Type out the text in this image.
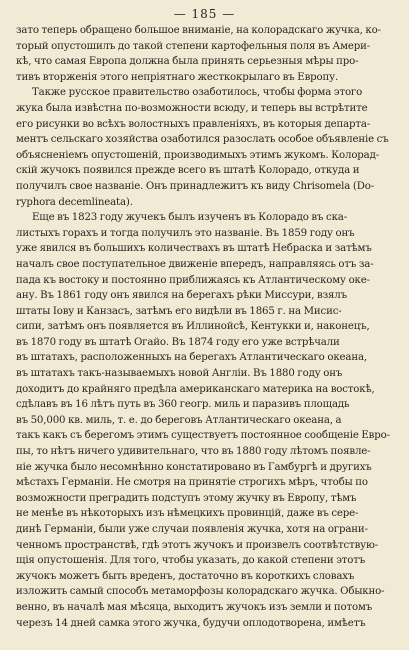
— 185 —
зато теперь обращено большое вниманіе, на колорадскаго жучка, ко-
торый опустошилъ до такой степени картофельныя поля въ Амери-
кѣ, что самая Европа должна была принять серьезныя мѣры про-
тивъ вторженія этого непріятнаго жесткокрылаго въ Европу.
Также русское правительство озаботилось, чтобы форма этого
жука была извѣстна по-возможности всюду, и теперь вы встрѣтите
его рисунки во всѣхъ волостныхъ правленіяхъ, въ которыя департа-
ментъ сельскаго хозяйства озаботился разослать особое объявленіе съ
объясненіемъ опустошеній, производимыхъ этимъ жукомъ. Колорад-
скій жучокъ появился прежде всего въ штатѣ Колорадо, откуда и
получилъ свое названіе. Онъ принадлежитъ къ виду Chrisomela (Do-
ryphora decemlineata).
Еще въ 1823 году жучекъ былъ изученъ въ Колорадо въ ска-
листыхъ горахъ и тогда получилъ это названіе. Въ 1859 году онъ
уже явился въ большихъ количествахъ въ штатѣ Небраска и затѣмъ
началъ свое поступательное движеніе впередъ, направляясь отъ за-
пада къ востоку и постоянно приближаясь къ Атлантическому оке-
ану. Въ 1861 году онъ явился на берегахъ рѣки Миссури, взялъ
штаты Іову и Канзасъ, затѣмъ его видѣли въ 1865 г. на Мисис-
сипи, затѣмъ онъ появляется въ Иллинойсѣ, Кентукки и, наконецъ,
въ 1870 году въ штатѣ Огайо. Въ 1874 году его уже встрѣчали
въ штатахъ, расположенныхъ на берегахъ Атлантическаго океана,
въ штатахъ такъ-называемыхъ новой Англіи. Въ 1880 году онъ
доходитъ до крайняго предѣла американскаго материка на востокѣ,
сдѣлавъ въ 16 лѣтъ путь въ 360 геогр. миль и паразивъ площадь
въ 50,000 кв. миль, т. е. до береговъ Атлантическаго океана, а
такъ какъ съ берегомъ этимъ существуетъ постоянное сообщеніе Евро-
пы, то нѣтъ ничего удивительнаго, что въ 1880 году лѣтомъ появле-
ніе жучка было несомнѣнно констатировано въ Гамбургѣ и другихъ
мѣстахъ Германіи. Не смотря на принятіе строгихъ мѣръ, чтобы по
возможности преградить подступъ этому жучку въ Европу, тѣмъ
не менѣе въ нѣкоторыхъ изъ нѣмецкихъ провинцій, даже въ сере-
динѣ Германіи, были уже случаи появленія жучка, хотя на ограни-
ченномъ пространствѣ, гдѣ этотъ жучокъ и произвелъ соотвѣтствую-
щія опустошенія. Для того, чтобы указать, до какой степени этотъ
жучокъ можетъ быть вреденъ, достаточно въ короткихъ словахъ
изложить самый способъ метаморфозы колорадскаго жучка. Обыкно-
венно, въ началѣ мая мѣсяца, выходитъ жучокъ изъ земли и потомъ
черезъ 14 дней самка этого жучка, будучи оплодотворена, имѣетъ
